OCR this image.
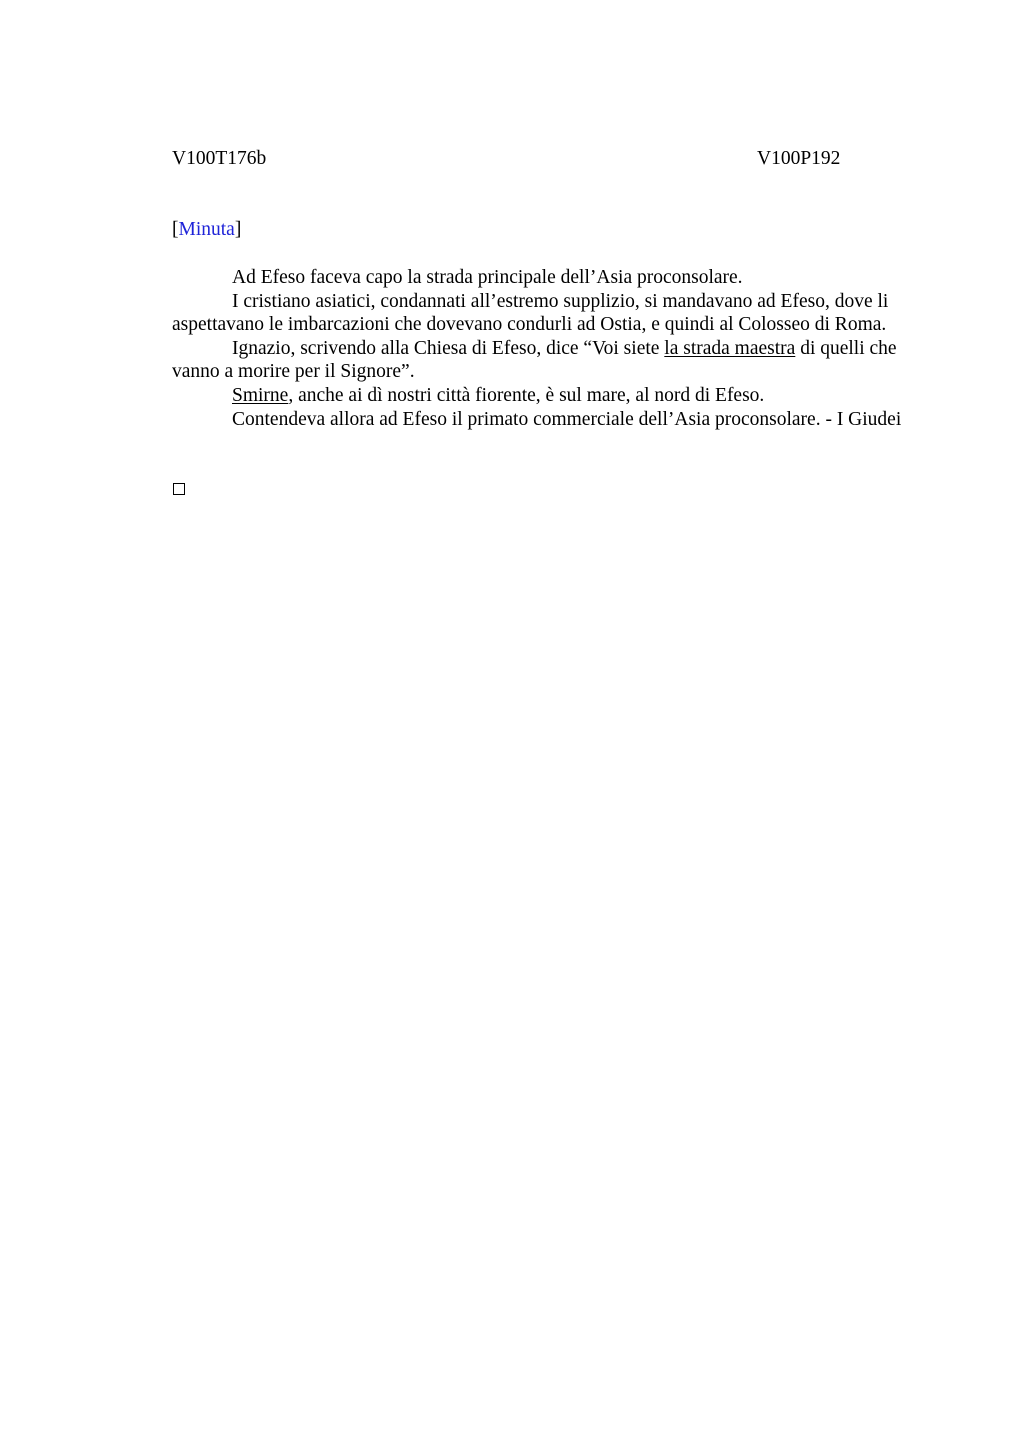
V100T176b	V100P192
[Minuta]

Ad Efeso faceva capo la strada principale dell’Asia proconsolare.

I cristiano asiatici, condannati all’estremo supplizio, si mandavano ad Efeso, dove li aspettavano le imbarcazioni che dovevano condurli ad Ostia, e quindi al Colosseo di Roma.

Ignazio, scrivendo alla Chiesa di Efeso, dice “Voi siete la strada maestra di quelli che vanno a morire per il Signore”.

Smirne, anche ai dì nostri città fiorente, è sul mare, al nord di Efeso.

Contendeva allora ad Efeso il primato commerciale dell’Asia proconsolare. - I Giudei
